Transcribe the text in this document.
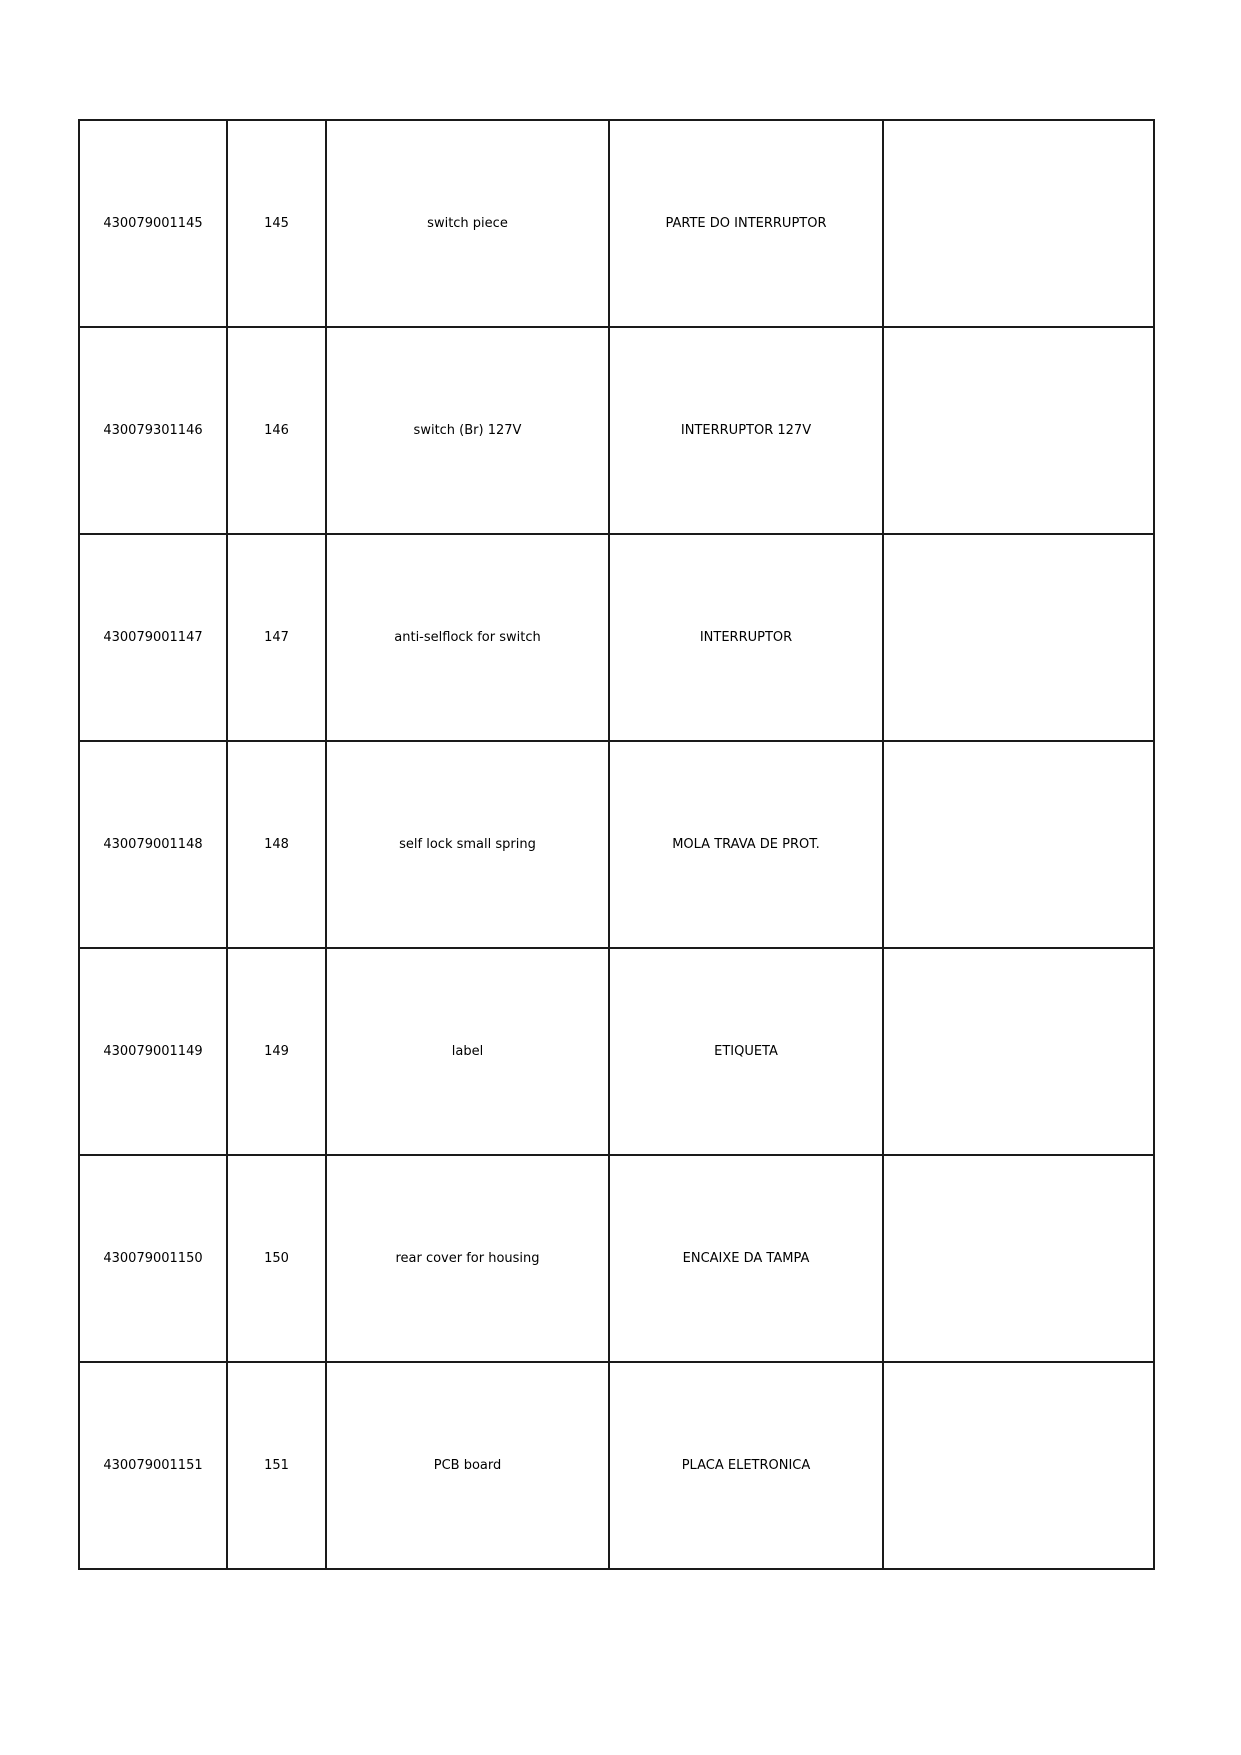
430079001145	145	switch piece	PARTE DO INTERRUPTOR	
430079301146	146	switch (Br) 127V	INTERRUPTOR 127V	
430079001147	147	anti-selflock for switch	INTERRUPTOR	
430079001148	148	self lock small spring	MOLA TRAVA DE PROT.	
430079001149	149	label	ETIQUETA	
430079001150	150	rear cover for housing	ENCAIXE DA TAMPA	
430079001151	151	PCB board	PLACA ELETRONICA	
